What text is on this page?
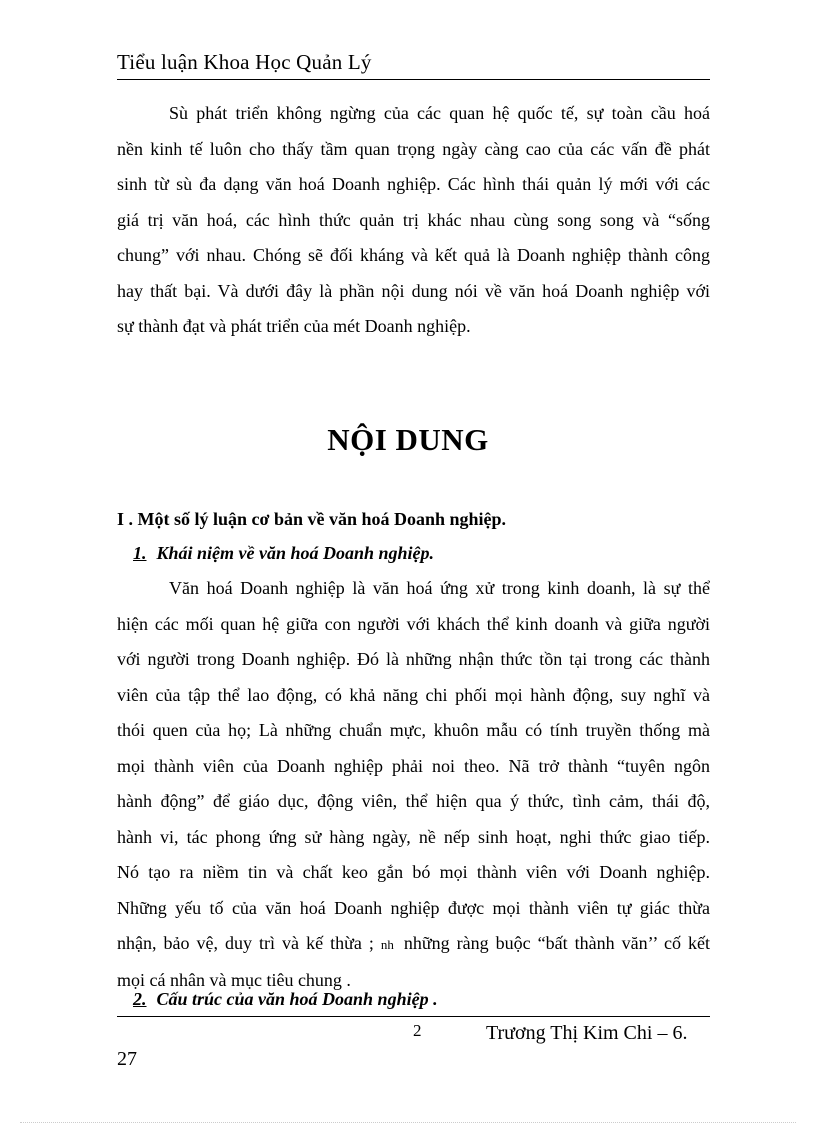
Tiểu luận Khoa Học Quản Lý
Sù phát triển không ngừng của các quan hệ quốc tế, sự toàn cầu hoá
nền kinh tế luôn cho thấy tầm quan trọng ngày càng cao của các vấn đề phát
sinh từ sù đa dạng văn hoá Doanh nghiệp. Các hình thái quản lý mới với các
giá trị văn hoá, các hình thức quản trị khác nhau cùng song song và “sống
chung” với nhau. Chóng sẽ đối kháng và kết quả là Doanh nghiệp thành công
hay thất bại. Và dưới đây là phần nội dung nói về văn hoá Doanh nghiệp với
sự thành đạt và phát triển của mét Doanh nghiệp.
NỘI DUNG
I . Một số lý luận cơ bản về văn hoá Doanh nghiệp.
1. Khái niệm về văn hoá Doanh nghiệp.
Văn hoá Doanh nghiệp là văn hoá ứng xử trong kinh doanh, là sự thể
hiện các mối quan hệ giữa con người với khách thể kinh doanh và giữa người
với người trong Doanh nghiệp. Đó là những nhận thức tồn tại trong các thành
viên của tập thể lao động, có khả năng chi phối mọi hành động, suy nghĩ và
thói quen của họ; Là những chuẩn mực, khuôn mẫu có tính truyền thống mà
mọi thành viên của Doanh nghiệp phải noi theo. Nã trở thành “tuyên ngôn
hành động” để giáo dục, động viên, thể hiện qua ý thức, tình cảm, thái độ,
hành vi, tác phong ứng sử hàng ngày, nề nếp sinh hoạt, nghi thức giao tiếp.
Nó tạo ra niềm tin và chất keo gắn bó mọi thành viên với Doanh nghiệp.
Những yếu tố của văn hoá Doanh nghiệp được mọi thành viên tự giác thừa
nhận, bảo vệ, duy trì và kế thừa ; nh những ràng buộc “bất thành văn’’ cố kết
mọi cá nhân và mục tiêu chung .
2. Cấu trúc của văn hoá Doanh nghiệp .
2	Trương Thị Kim Chi – 6.
27
